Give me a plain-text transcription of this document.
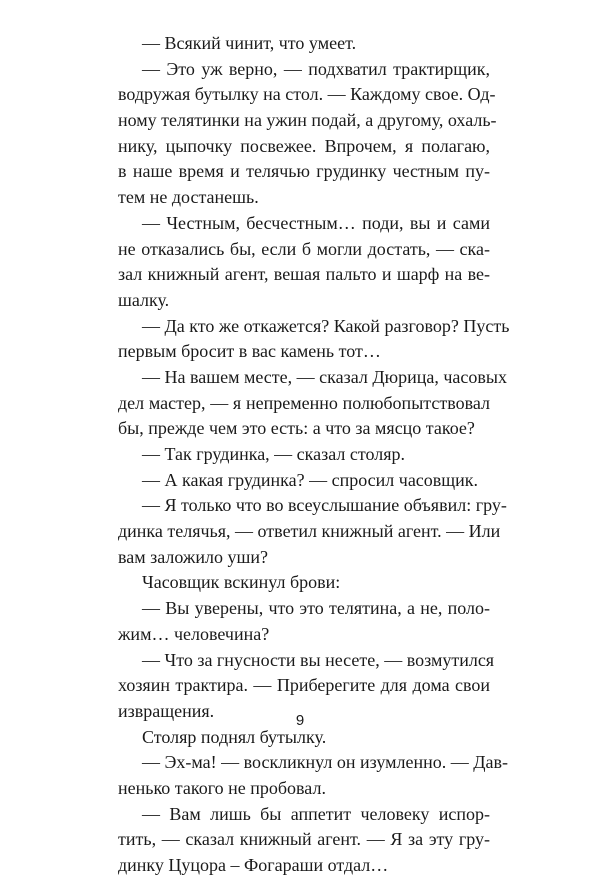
— Всякий чинит, что умеет.
— Это уж верно, — подхватил трактирщик,
водружая бутылку на стол. — Каждому свое. Од-
ному телятинки на ужин подай, а другому, охаль-
нику, цыпочку посвежее. Впрочем, я полагаю,
в наше время и телячью грудинку честным пу-
тем не достанешь.
— Честным, бесчестным… поди, вы и сами
не отказались бы, если б могли достать, — ска-
зал книжный агент, вешая пальто и шарф на ве-
шалку.
— Да кто же откажется? Какой разговор? Пусть
первым бросит в вас камень тот…
— На вашем месте, — сказал Дюрица, часовых
дел мастер, — я непременно полюбопытствовал
бы, прежде чем это есть: а что за мясцо такое?
— Так грудинка, — сказал столяр.
— А какая грудинка? — спросил часовщик.
— Я только что во всеуслышание объявил: гру-
динка телячья, — ответил книжный агент. — Или
вам заложило уши?
Часовщик вскинул брови:
— Вы уверены, что это телятина, а не, поло-
жим… человечина?
— Что за гнусности вы несете, — возмутился
хозяин трактира. — Приберегите для дома свои
извращения.
Столяр поднял бутылку.
— Эх-ма! — воскликнул он изумленно. — Дав-
ненько такого не пробовал.
— Вам лишь бы аппетит человеку испор-
тить, — сказал книжный агент. — Я за эту гру-
динку Цуцора – Фогараши отдал…
9
